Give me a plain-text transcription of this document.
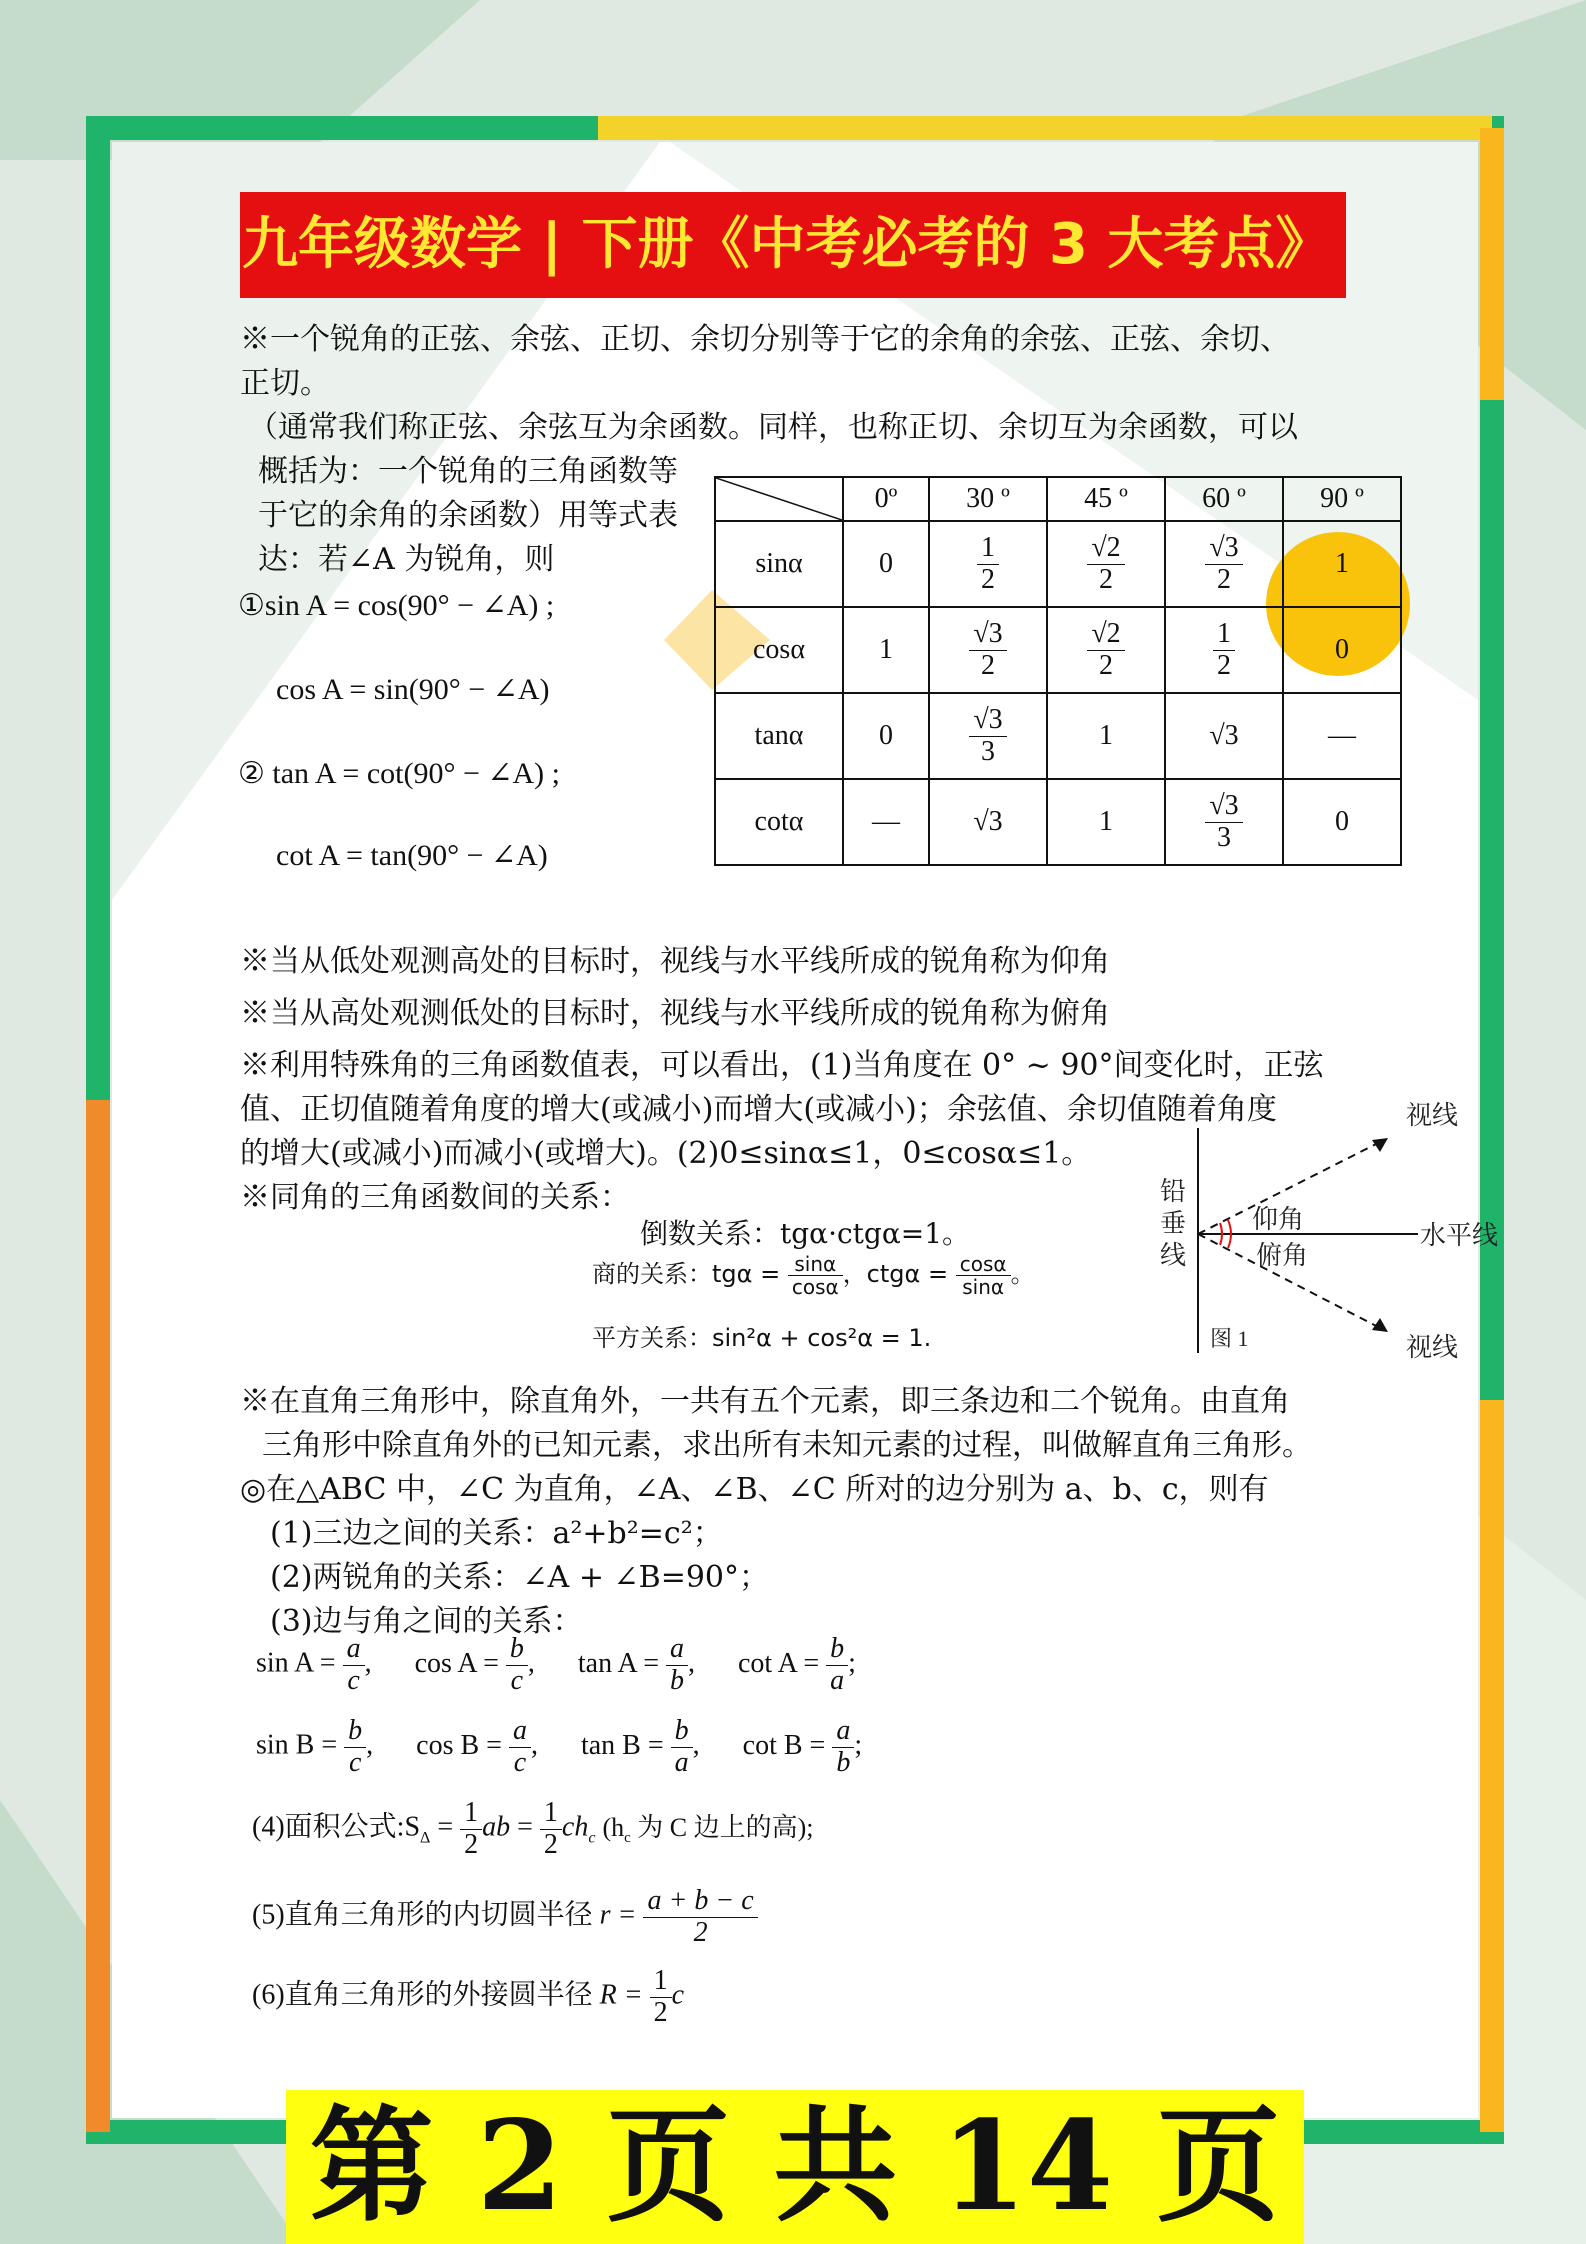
九年级数学 | 下册《中考必考的 3 大考点》
※一个锐角的正弦、余弦、正切、余切分别等于它的余角的余弦、正弦、余切、
正切。
（通常我们称正弦、余弦互为余函数。同样，也称正切、余切互为余函数，可以
概括为：一个锐角的三角函数等
于它的余角的余函数）用等式表
达：若∠A 为锐角，则
①sin A = cos(90° − ∠A) ;
cos A = sin(90° − ∠A)
② tan A = cot(90° − ∠A) ;
cot A = tan(90° − ∠A)
	0º	30 º	45 º	60 º	90 º
sinα	0	$\frac{1}{2}$	$\frac{√2}{2}$	$\frac{√3}{2}$	1
cosα	1	$\frac{√3}{2}$	$\frac{√2}{2}$	$\frac{1}{2}$	0
tanα	0	$\frac{√3}{3}$	1	√3	—
cotα	—	√3	1	$\frac{√3}{3}$	0
※当从低处观测高处的目标时，视线与水平线所成的锐角称为仰角
※当从高处观测低处的目标时，视线与水平线所成的锐角称为俯角
※利用特殊角的三角函数值表，可以看出，(1)当角度在 0° ~ 90°间变化时，正弦
值、正切值随着角度的增大(或减小)而增大(或减小)；余弦值、余切值随着角度
的增大(或减小)而减小(或增大)。(2)0≤sinα≤1，0≤cosα≤1。
※同角的三角函数间的关系：
倒数关系：tgα·ctgα=1。
商的关系：$tg\alpha = \frac{\sin\alpha}{\cos\alpha}$ ，$ctg\alpha = \frac{\cos\alpha}{\sin\alpha}$ 。
平方关系：sin²α + cos²α = 1.
视线
视线
铅
垂
线
水平线
仰角
俯角
图 1
※在直角三角形中，除直角外，一共有五个元素，即三条边和二个锐角。由直角
三角形中除直角外的已知元素，求出所有未知元素的过程，叫做解直角三角形。
◎在△ABC 中，∠C 为直角，∠A、∠B、∠C 所对的边分别为 a、b、c，则有
(1)三边之间的关系：a²+b²=c²；
(2)两锐角的关系：∠A + ∠B=90°；
(3)边与角之间的关系：
$\sin A = \frac{a}{c}$ , $\cos A = \frac{b}{c}$ , $\tan A = \frac{a}{b}$ , $\cot A = \frac{b}{a}$ ;
$\sin B = \frac{b}{c}$ , $\cos B = \frac{a}{c}$ , $\tan B = \frac{b}{a}$ , $\cot B = \frac{a}{b}$ ;
(4)面积公式$:S_\Delta = \frac{1}{2}$ ab = $\frac{1}{2} ch_c$ ($h_c$ 为 C 边上的高);
(5)直角三角形的内切圆半径 $r = \frac{a + b - c}{2}$
(6)直角三角形的外接圆半径 $R = \frac{1}{2}$ c
第 2 页 共 14 页
